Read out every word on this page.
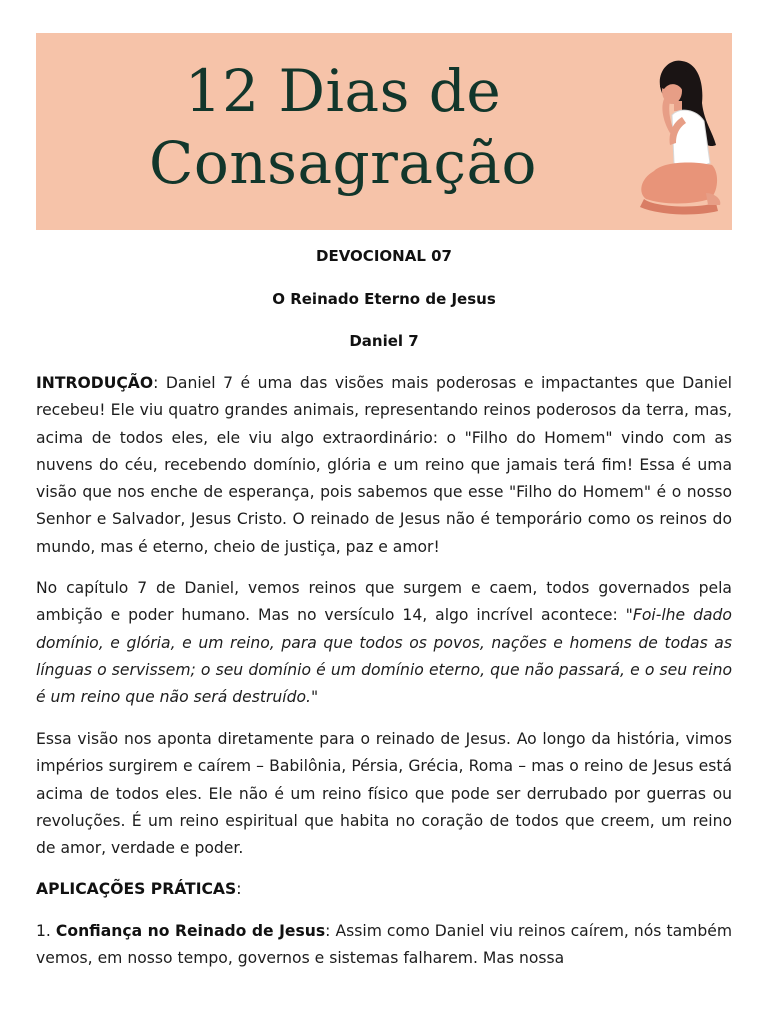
12 Dias de
Consagração
DEVOCIONAL 07
O Reinado Eterno de Jesus
Daniel 7
INTRODUÇÃO: Daniel 7 é uma das visões mais poderosas e impactantes que Daniel recebeu! Ele viu quatro grandes animais, representando reinos poderosos da terra, mas, acima de todos eles, ele viu algo extraordinário: o "Filho do Homem" vindo com as nuvens do céu, recebendo domínio, glória e um reino que jamais terá fim! Essa é uma visão que nos enche de esperança, pois sabemos que esse "Filho do Homem" é o nosso Senhor e Salvador, Jesus Cristo. O reinado de Jesus não é temporário como os reinos do mundo, mas é eterno, cheio de justiça, paz e amor!
No capítulo 7 de Daniel, vemos reinos que surgem e caem, todos governados pela ambição e poder humano. Mas no versículo 14, algo incrível acontece: "Foi-lhe dado domínio, e glória, e um reino, para que todos os povos, nações e homens de todas as línguas o servissem; o seu domínio é um domínio eterno, que não passará, e o seu reino é um reino que não será destruído."
Essa visão nos aponta diretamente para o reinado de Jesus. Ao longo da história, vimos impérios surgirem e caírem – Babilônia, Pérsia, Grécia, Roma – mas o reino de Jesus está acima de todos eles. Ele não é um reino físico que pode ser derrubado por guerras ou revoluções. É um reino espiritual que habita no coração de todos que creem, um reino de amor, verdade e poder.
APLICAÇÕES PRÁTICAS:
1. Confiança no Reinado de Jesus: Assim como Daniel viu reinos caírem, nós também vemos, em nosso tempo, governos e sistemas falharem. Mas nossa
